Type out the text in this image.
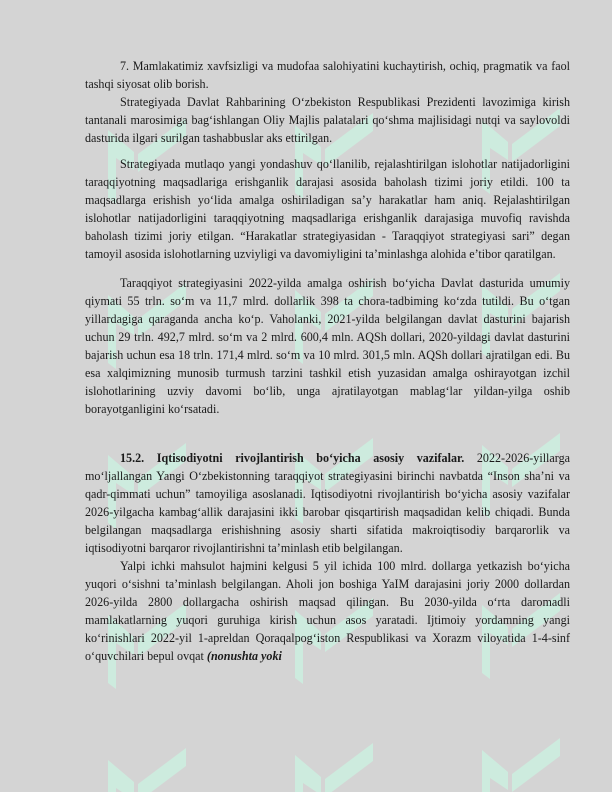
7. Mamlakatimiz xavfsizligi va mudofaa salohiyatini kuchaytirish, ochiq, pragmatik va faol tashqi siyosat olib borish.

Strategiyada Davlat Rahbarining O‘zbekiston Respublikasi Prezidenti lavozimiga kirish tantanali marosimiga bag‘ishlangan Oliy Majlis palatalari qo‘shma majlisidagi nutqi va saylovoldi dasturida ilgari surilgan tashabbuslar aks ettirilgan.

Strategiyada mutlaqo yangi yondashuv qo‘llanilib, rejalashtirilgan islohotlar natijadorligini taraqqiyotning maqsadlariga erishganlik darajasi asosida baholash tizimi joriy etildi. 100 ta maqsadlarga erishish yo‘lida amalga oshiriladigan sa’y harakatlar ham aniq. Rejalashtirilgan islohotlar natijadorligini taraqqiyotning maqsadlariga erishganlik darajasiga muvofiq ravishda baholash tizimi joriy etilgan. “Harakatlar strategiyasidan - Taraqqiyot strategiyasi sari” degan tamoyil asosida islohotlarning uzviyligi va davomiyligini ta’minlashga alohida e’tibor qaratilgan.

Taraqqiyot strategiyasini 2022-yilda amalga oshirish bo‘yicha Davlat dasturida umumiy qiymati 55 trln. so‘m va 11,7 mlrd. dollarlik 398 ta chora-tadbiming ko‘zda tutildi. Bu o‘tgan yillardagiga qaraganda ancha ko‘p. Vaholanki, 2021-yilda belgilangan davlat dasturini bajarish uchun 29 trln. 492,7 mlrd. so‘m va 2 mlrd. 600,4 mln. AQSh dollari, 2020-yildagi davlat dasturini bajarish uchun esa 18 trln. 171,4 mlrd. so‘m va 10 mlrd. 301,5 mln. AQSh dollari ajratilgan edi. Bu esa xalqimizning munosib turmush tarzini tashkil etish yuzasidan amalga oshirayotgan izchil islohotlarining uzviy davomi bo‘lib, unga ajratilayotgan mablag‘lar yildan-yilga oshib borayotganligini ko‘rsatadi.

15.2. Iqtisodiyotni rivojlantirish bo‘yicha asosiy vazifalar. 2022-2026-yillarga mo‘ljallangan Yangi O‘zbekistonning taraqqiyot strategiyasini birinchi navbatda “Inson sha’ni va qadr-qimmati uchun” tamoyiliga asoslanadi. Iqtisodiyotni rivojlantirish bo‘yicha asosiy vazifalar 2026-yilgacha kambag‘allik darajasini ikki barobar qisqartirish maqsadidan kelib chiqadi. Bunda belgilangan maqsadlarga erishishning asosiy sharti sifatida makroiqtisodiy barqarorlik va iqtisodiyotni barqaror rivojlantirishni ta’minlash etib belgilangan.

Yalpi ichki mahsulot hajmini kelgusi 5 yil ichida 100 mlrd. dollarga yetkazish bo‘yicha yuqori o‘sishni ta’minlash belgilangan. Aholi jon boshiga YaIM darajasini joriy 2000 dollardan 2026-yilda 2800 dollargacha oshirish maqsad qilingan. Bu 2030-yilda o‘rta daromadli mamlakatlarning yuqori guruhiga kirish uchun asos yaratadi. Ijtimoiy yordamning yangi ko‘rinishlari 2022-yil 1-apreldan Qoraqalpog‘iston Respublikasi va Xorazm viloyatida 1-4-sinf o‘quvchilari bepul ovqat (nonushta yoki
